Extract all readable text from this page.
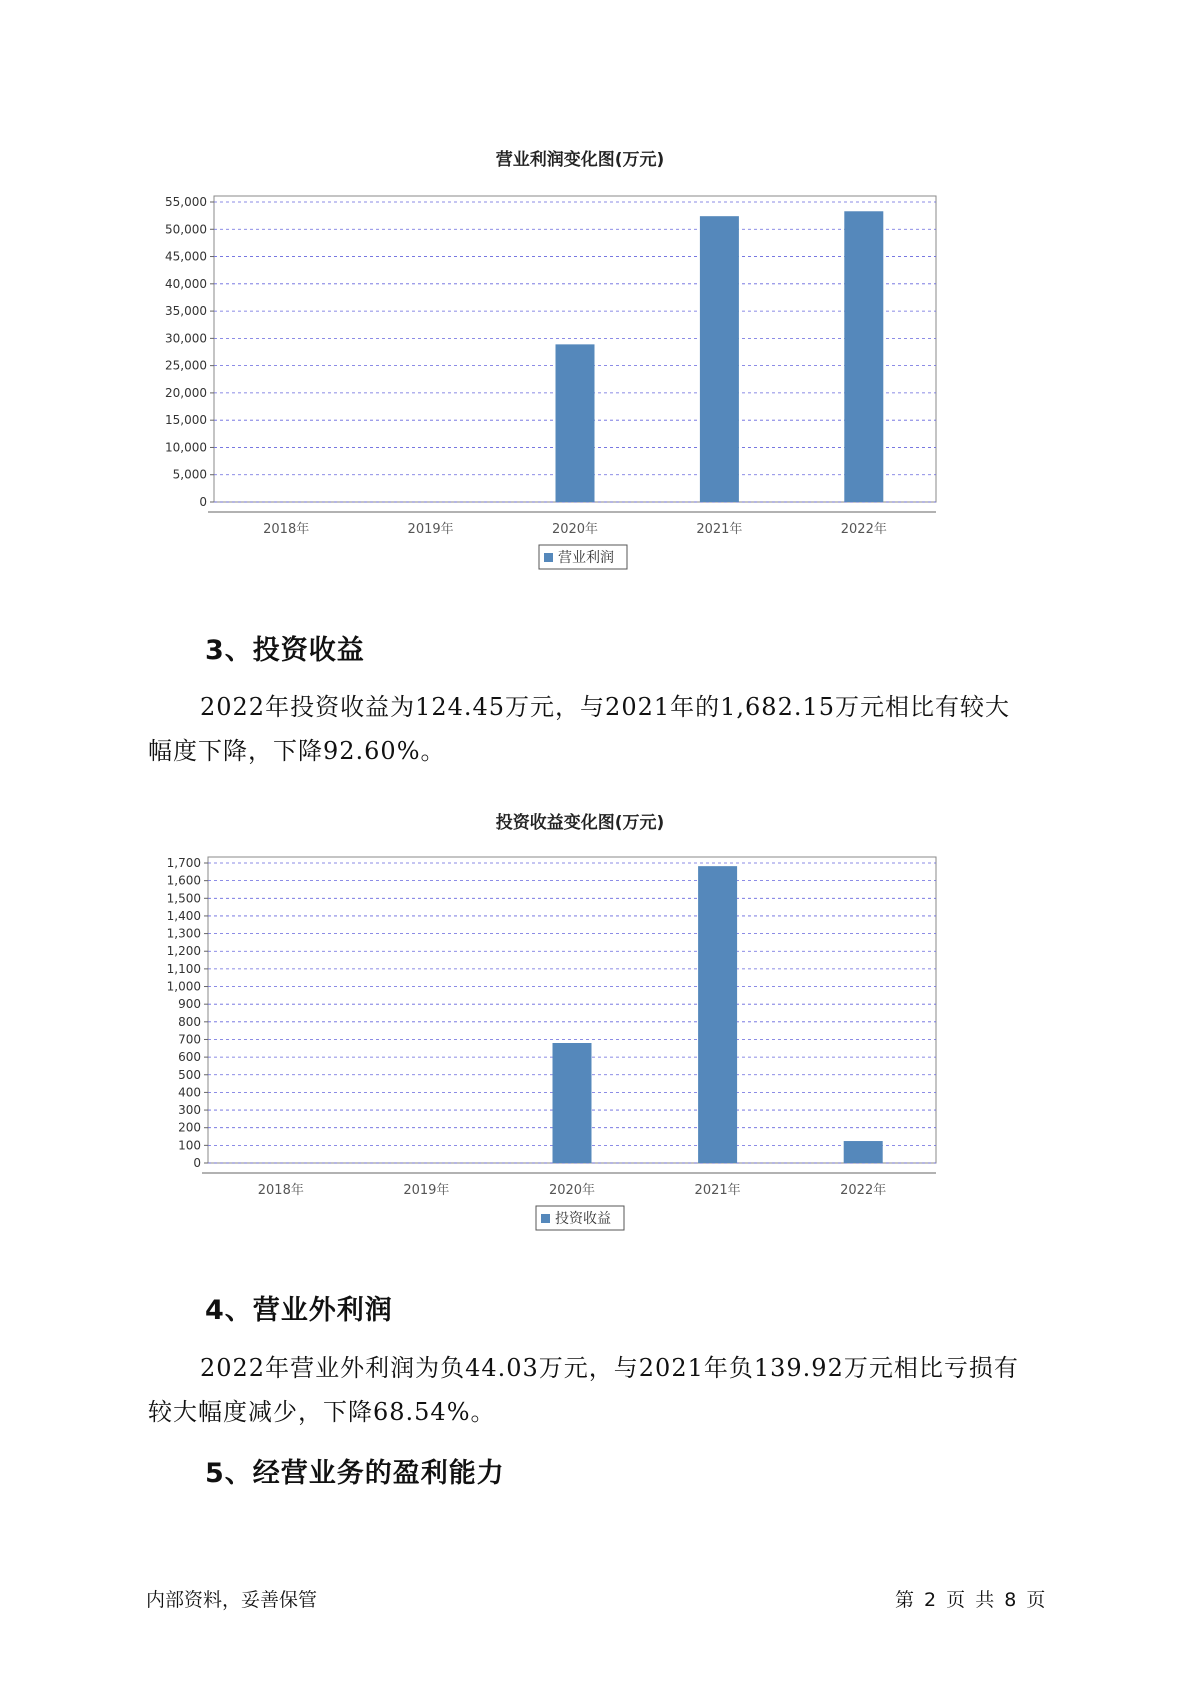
营业利润变化图(万元)
0
5,000
10,000
15,000
20,000
25,000
30,000
35,000
40,000
45,000
50,000
55,000
2018年	2019年	2020年	2021年	2022年
营业利润
3、投资收益
2022年投资收益为124.45万元，与2021年的1,682.15万元相比有较大
幅度下降，下降92.60%。
投资收益变化图(万元)
0
100
200
300
400
500
600
700
800
900
1,000
1,100
1,200
1,300
1,400
1,500
1,600
1,700
2018年	2019年	2020年	2021年	2022年
投资收益
4、营业外利润
2022年营业外利润为负44.03万元，与2021年负139.92万元相比亏损有
较大幅度减少，下降68.54%。
5、经营业务的盈利能力
内部资料，妥善保管	第 2 页 共 8 页
